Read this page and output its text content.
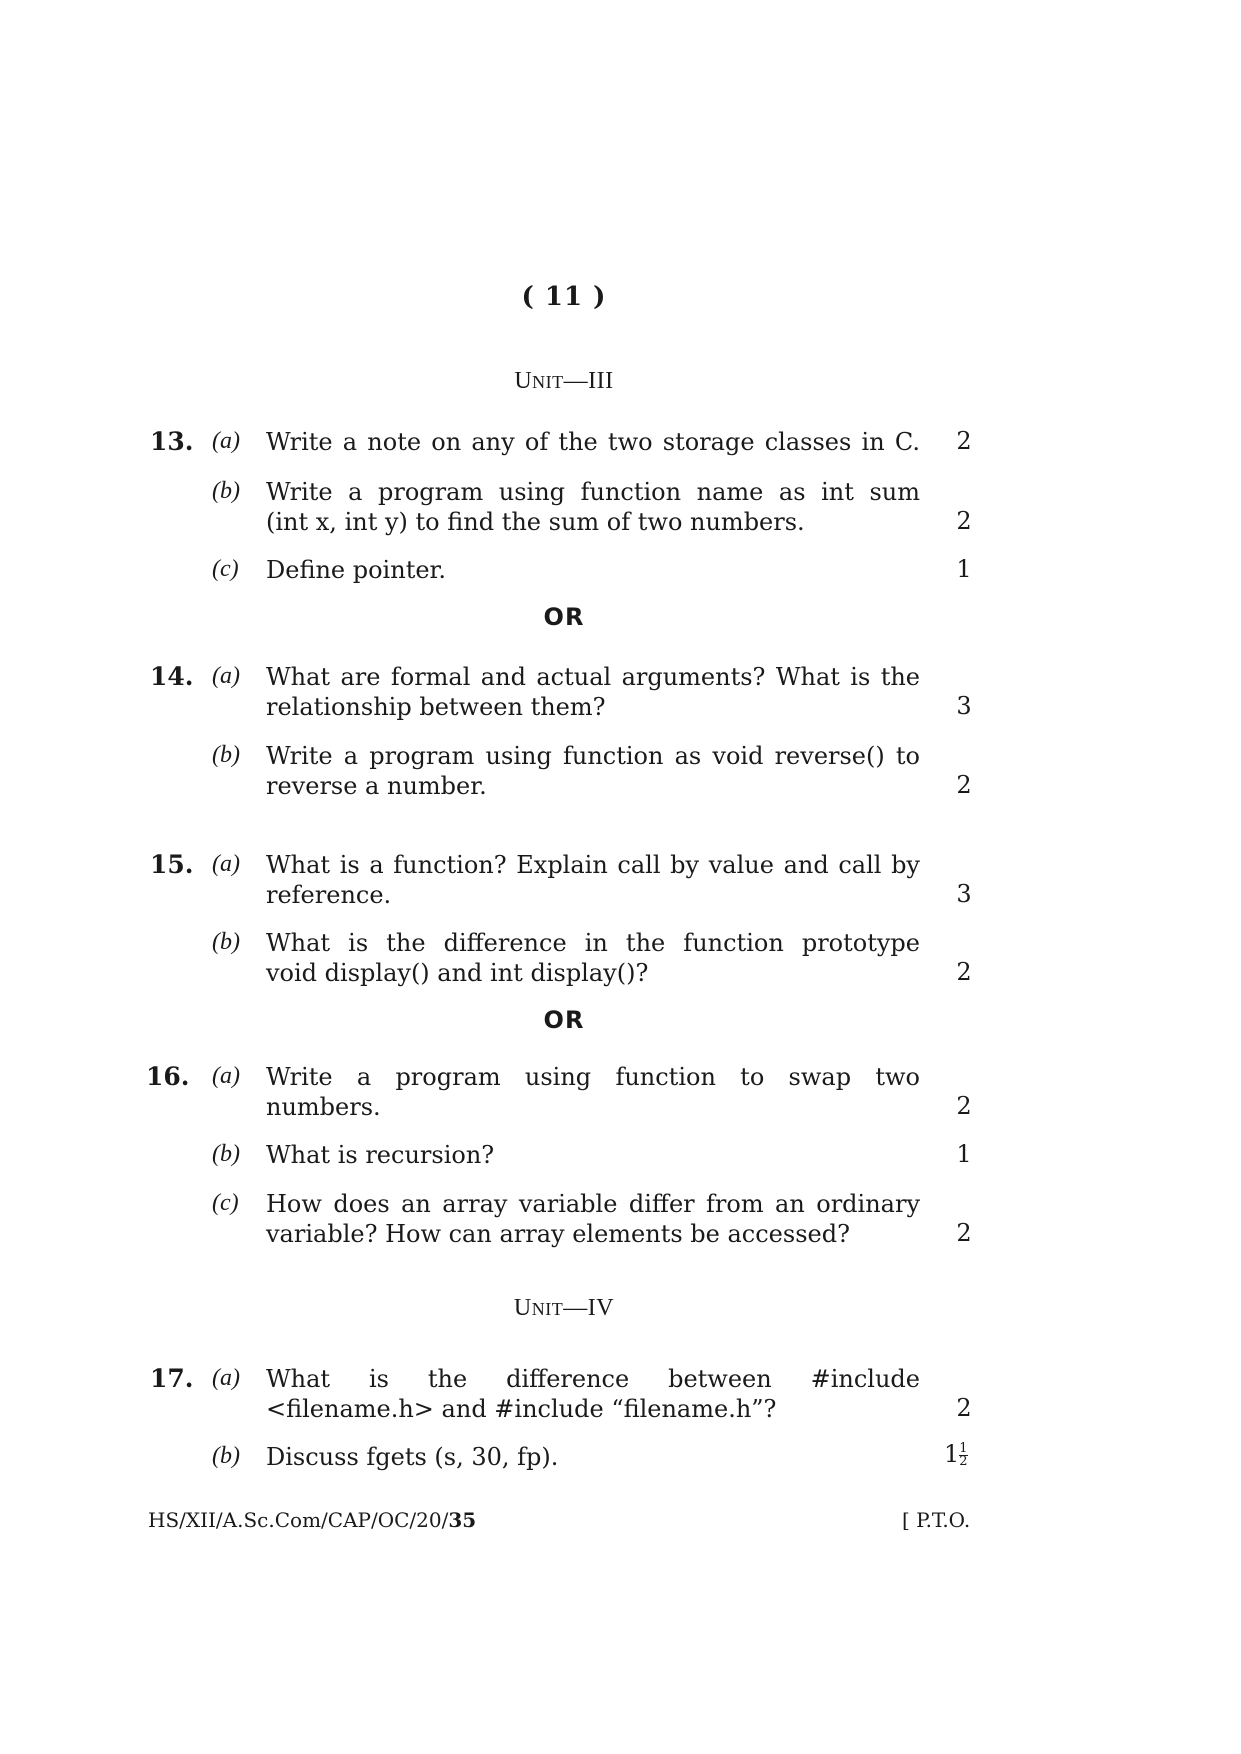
( 11 )
UNIT—III
13. (a) Write a note on any of the two storage classes in C. 2
(b) Write a program using function name as int sum
(int x, int y) to find the sum of two numbers.	2
(c) Define pointer.	1
OR
14. (a) What are formal and actual arguments? What is the
relationship between them?	3
(b) Write a program using function as void reverse() to
reverse a number.	2
15. (a) What is a function? Explain call by value and call by
reference.	3
(b) What is the difference in the function prototype
void display() and int display()?	2
OR
16. (a) Write a program using function to swap two
numbers.	2
(b) What is recursion?	1
(c) How does an array variable differ from an ordinary
variable? How can array elements be accessed?	2
UNIT—IV
17. (a) What is the difference between #include
<filename.h> and #include “filename.h”?	2
(b) Discuss fgets (s, 30, fp).	$1 \frac{1}{2}$
HS/XII/A.Sc.Com/CAP/OC/20/35	[ P.T.O.
